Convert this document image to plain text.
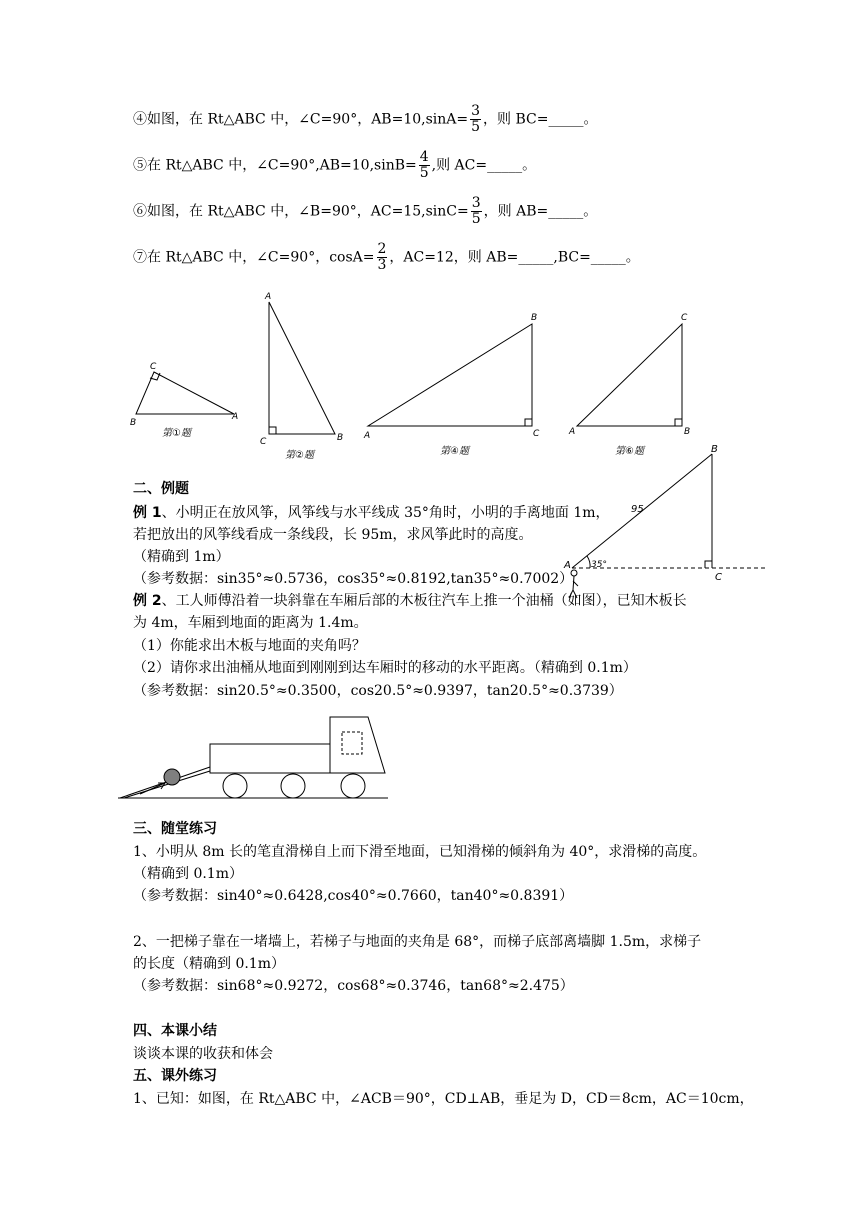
④如图，在 Rt△ABC 中，∠C=90°，$AB=10,\sin A= \frac{3}{5}$ ，则 BC=_____。
⑤在 Rt△ABC 中，∠C=90°,AB=10,sinB= $\frac{4}{5}$ ,则 AC=_____。
⑥如图，在 Rt△ABC 中，∠B=90°，$AC=15,\sin C= \frac{3}{5}$ ，则 AB=_____。
⑦在 Rt△ABC 中，∠C=90°，$\cos A= \frac{2}{3}$ ，AC=12，则 AB=_____,BC=_____。
C
B
A
第①题
A
C	B
第②题
B
A	C
第④题
C
A	B
第⑥题	B
A
C
95
35°
二、例题
例 1、小明正在放风筝，风筝线与水平线成 35°角时，小明的手离地面 1m，
若把放出的风筝线看成一条线段，长 95m，求风筝此时的高度。
（精确到 1m）
（参考数据：sin35°≈0.5736，cos35°≈0.8192,tan35°≈0.7002）
例 2、工人师傅沿着一块斜靠在车厢后部的木板往汽车上推一个油桶（如图），已知木板长
为 4m，车厢到地面的距离为 1.4m。
（1）你能求出木板与地面的夹角吗？
（2）请你求出油桶从地面到刚刚到达车厢时的移动的水平距离。（精确到 0.1m）
（参考数据：sin20.5°≈0.3500，cos20.5°≈0.9397，tan20.5°≈0.3739）
三、随堂练习
1、小明从 8m 长的笔直滑梯自上而下滑至地面，已知滑梯的倾斜角为 40°，求滑梯的高度。
（精确到 0.1m）
（参考数据：sin40°≈0.6428,cos40°≈0.7660，tan40°≈0.8391）
2、一把梯子靠在一堵墙上，若梯子与地面的夹角是 68°，而梯子底部离墙脚 1.5m，求梯子
的长度（精确到 0.1m）
（参考数据：sin68°≈0.9272，cos68°≈0.3746，tan68°≈2.475）
四、本课小结
谈谈本课的收获和体会
五、课外练习
1、已知：如图，在 Rt△ABC 中，∠ACB＝90°，CD⊥AB，垂足为 D，CD＝8cm，AC＝10cm，
